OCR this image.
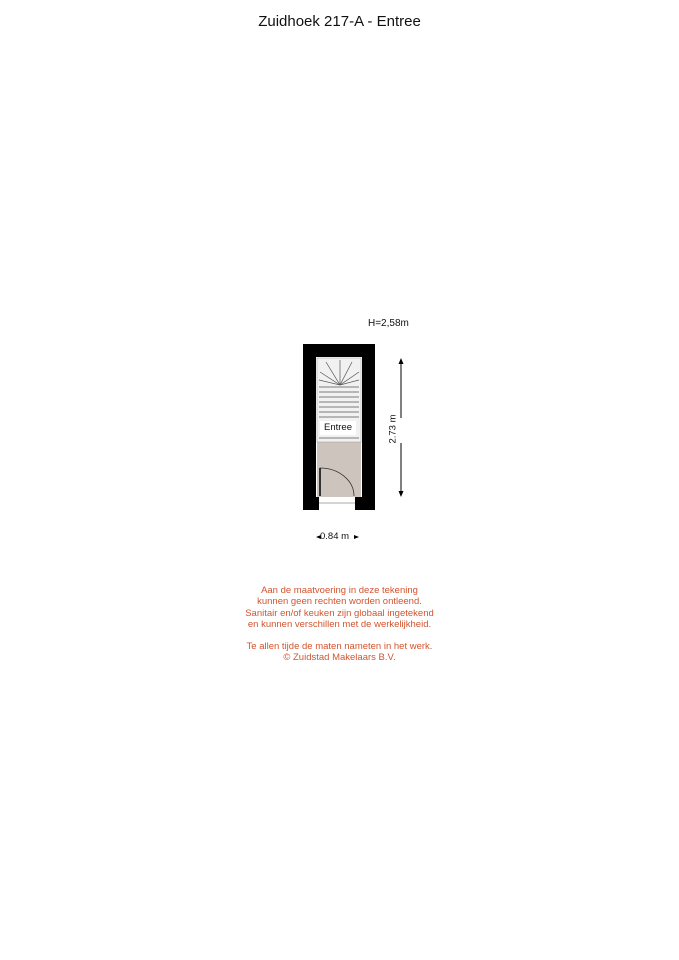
Zuidhoek 217-A - Entree
H=2,58m
2.73 m
0.84 m
Entree
Aan de maatvoering in deze tekening
kunnen geen rechten worden ontleend.
Sanitair en/of keuken zijn globaal ingetekend
en kunnen verschillen met de werkelijkheid.
Te allen tijde de maten nameten in het werk.
© Zuidstad Makelaars B.V.
